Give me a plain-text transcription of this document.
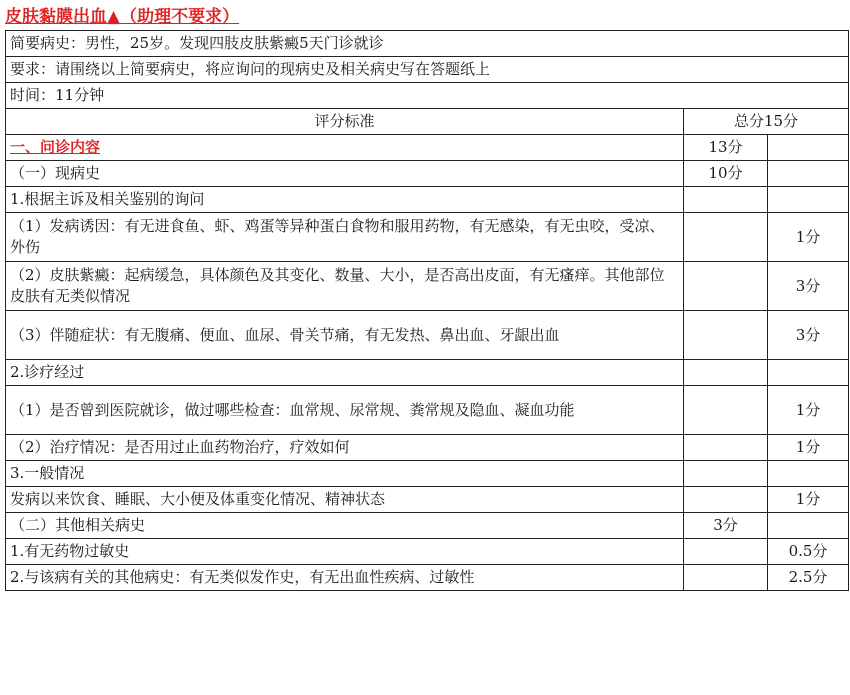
皮肤黏膜出血▲（助理不要求）
简要病史：男性，25岁。发现四肢皮肤紫癜5天门诊就诊		
要求：请围绕以上简要病史，将应询问的现病史及相关病史写在答题纸上		
时间：11分钟		
评分标准	总分15分	
一、问诊内容	13分	
（一）现病史	10分	
1.根据主诉及相关鉴别的询问		
（1）发病诱因：有无进食鱼、虾、鸡蛋等异种蛋白食物和服用药物，有无感染，有无虫咬，受凉、外伤		1分
（2）皮肤紫癜：起病缓急，具体颜色及其变化、数量、大小，是否高出皮面，有无瘙痒。其他部位皮肤有无类似情况		3分
（3）伴随症状：有无腹痛、便血、血尿、骨关节痛，有无发热、鼻出血、牙龈出血		3分
2.诊疗经过		
（1）是否曾到医院就诊，做过哪些检查：血常规、尿常规、粪常规及隐血、凝血功能		1分
（2）治疗情况：是否用过止血药物治疗，疗效如何		1分
3.一般情况		
发病以来饮食、睡眠、大小便及体重变化情况、精神状态		1分
（二）其他相关病史	3分	
1.有无药物过敏史		0.5分
2.与该病有关的其他病史：有无类似发作史，有无出血性疾病、过敏性		2.5分
